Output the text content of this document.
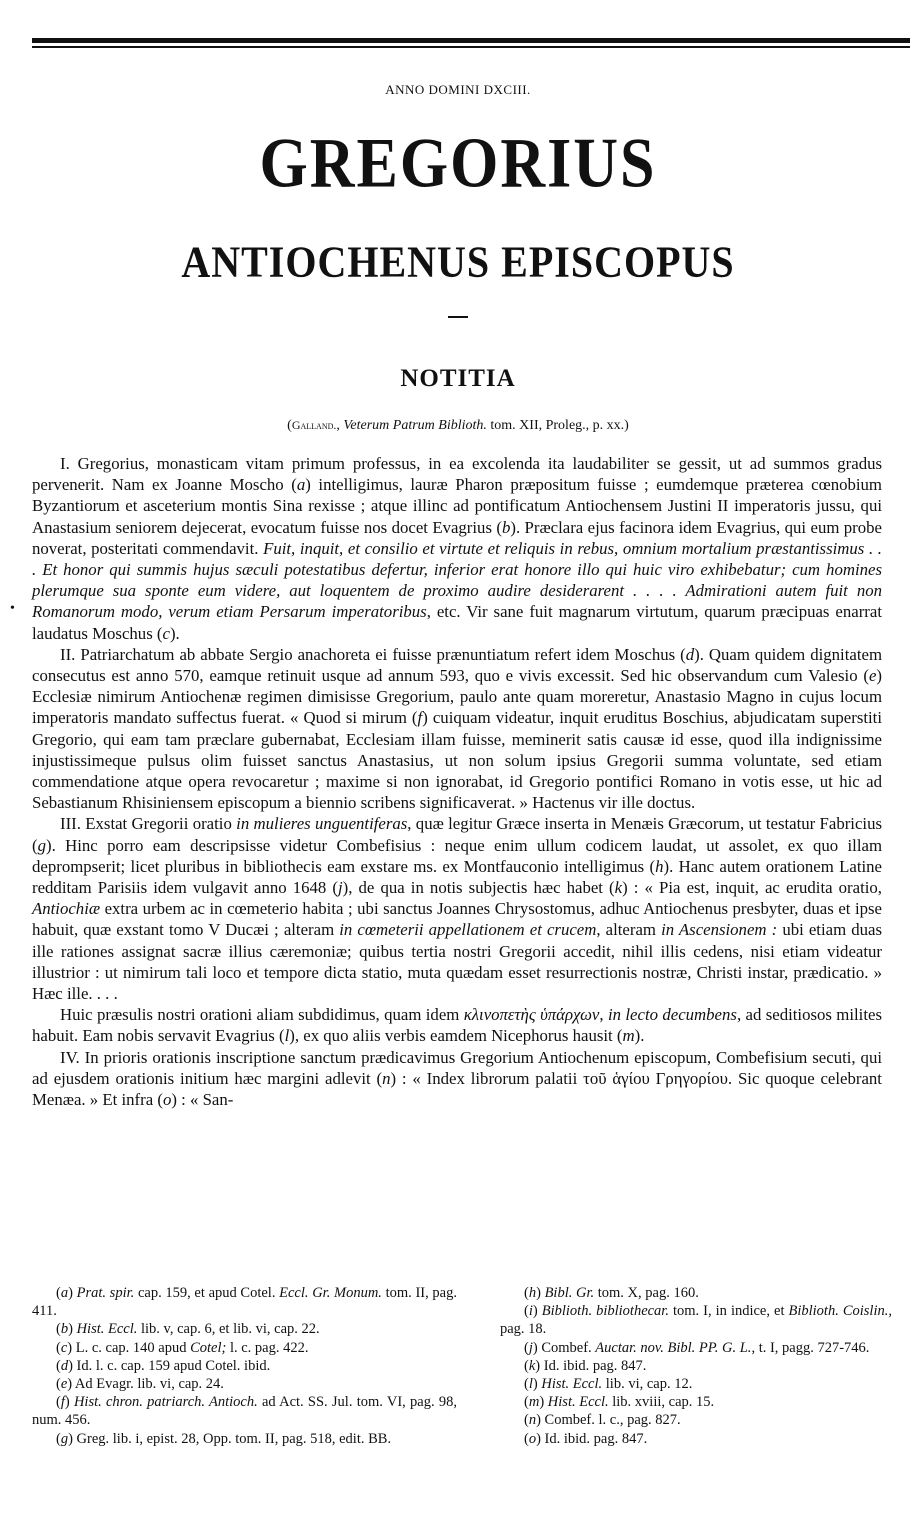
ANNO DOMINI DXCIII.
GREGORIUS
ANTIOCHENUS EPISCOPUS
NOTITIA
(Galland., Veterum Patrum Biblioth. tom. XII, Proleg., p. xx.)
•

I. Gregorius, monasticam vitam primum professus, in ea excolenda ita laudabiliter se gessit, ut ad summos gradus pervenerit. Nam ex Joanne Moscho (a) intelligimus, lauræ Pharon præpositum fuisse ; eumdemque præterea cœnobium Byzantiorum et asceterium montis Sina rexisse ; atque illinc ad pontificatum Antiochensem Justini II imperatoris jussu, qui Anastasium seniorem dejecerat, evocatum fuisse nos docet Evagrius (b). Præclara ejus facinora idem Evagrius, qui eum probe noverat, posteritati commendavit. Fuit, inquit, et consilio et virtute et reliquis in rebus, omnium mortalium præstantissimus . . . Et honor qui summis hujus sæculi potestatibus defertur, inferior erat honore illo qui huic viro exhibebatur; cum homines plerumque sua sponte eum videre, aut loquentem de proximo audire desiderarent . . . . Admirationi autem fuit non Romanorum modo, verum etiam Persarum imperatoribus, etc. Vir sane fuit magnarum virtutum, quarum præcipuas enarrat laudatus Moschus (c).

II. Patriarchatum ab abbate Sergio anachoreta ei fuisse prænuntiatum refert idem Moschus (d). Quam quidem dignitatem consecutus est anno 570, eamque retinuit usque ad annum 593, quo e vivis excessit. Sed hic observandum cum Valesio (e) Ecclesiæ nimirum Antiochenæ regimen dimisisse Gregorium, paulo ante quam moreretur, Anastasio Magno in cujus locum imperatoris mandato suffectus fuerat. « Quod si mirum (f) cuiquam videatur, inquit eruditus Boschius, abjudicatam superstiti Gregorio, qui eam tam præclare gubernabat, Ecclesiam illam fuisse, meminerit satis causæ id esse, quod illa indignissime injustissimeque pulsus olim fuisset sanctus Anastasius, ut non solum ipsius Gregorii summa voluntate, sed etiam commendatione atque opera revocaretur ; maxime si non ignorabat, id Gregorio pontifici Romano in votis esse, ut hic ad Sebastianum Rhisiniensem episcopum a biennio scribens significaverat. » Hactenus vir ille doctus.

III. Exstat Gregorii oratio in mulieres unguentiferas, quæ legitur Græce inserta in Menæis Græcorum, ut testatur Fabricius (g). Hinc porro eam descripsisse videtur Combefisius : neque enim ullum codicem laudat, ut assolet, ex quo illam deprompserit; licet pluribus in bibliothecis eam exstare ms. ex Montfauconio intelligimus (h). Hanc autem orationem Latine redditam Parisiis idem vulgavit anno 1648 (j), de qua in notis subjectis hæc habet (k) : « Pia est, inquit, ac erudita oratio, Antiochiæ extra urbem ac in cœmeterio habita ; ubi sanctus Joannes Chrysostomus, adhuc Antiochenus presbyter, duas et ipse habuit, quæ exstant tomo V Ducæi ; alteram in cœmeterii appellationem et crucem, alteram in Ascensionem : ubi etiam duas ille rationes assignat sacræ illius cæremoniæ; quibus tertia nostri Gregorii accedit, nihil illis cedens, nisi etiam videatur illustrior : ut nimirum tali loco et tempore dicta statio, muta quædam esset resurrectionis nostræ, Christi instar, prædicatio. » Hæc ille. . . .

Huic præsulis nostri orationi aliam subdidimus, quam idem κλινοπετὴς ὑπάρχων, in lecto decumbens, ad seditiosos milites habuit. Eam nobis servavit Evagrius (l), ex quo aliis verbis eamdem Nicephorus hausit (m).

IV. In prioris orationis inscriptione sanctum prædicavimus Gregorium Antiochenum episcopum, Combefisium secuti, qui ad ejusdem orationis initium hæc margini adlevit (n) : « Index librorum palatii τοῦ ἁγίου Γρηγορίου. Sic quoque celebrant Menæa. » Et infra (o) : « San-

(a) Prat. spir. cap. 159, et apud Cotel. Eccl. Gr. Monum. tom. II, pag. 411.
(b) Hist. Eccl. lib. v, cap. 6, et lib. vi, cap. 22.
(c) L. c. cap. 140 apud Cotel; l. c. pag. 422.
(d) Id. l. c. cap. 159 apud Cotel. ibid.
(e) Ad Evagr. lib. vi, cap. 24.
(f) Hist. chron. patriarch. Antioch. ad Act. SS. Jul. tom. VI, pag. 98, num. 456.
(g) Greg. lib. i, epist. 28, Opp. tom. II, pag. 518, edit. BB.
(h) Bibl. Gr. tom. X, pag. 160.
(i) Biblioth. bibliothecar. tom. I, in indice, et Biblioth. Coislin., pag. 18.
(j) Combef. Auctar. nov. Bibl. PP. G. L., t. I, pagg. 727-746.
(k) Id. ibid. pag. 847.
(l) Hist. Eccl. lib. vi, cap. 12.
(m) Hist. Eccl. lib. xviii, cap. 15.
(n) Combef. l. c., pag. 827.
(o) Id. ibid. pag. 847.
